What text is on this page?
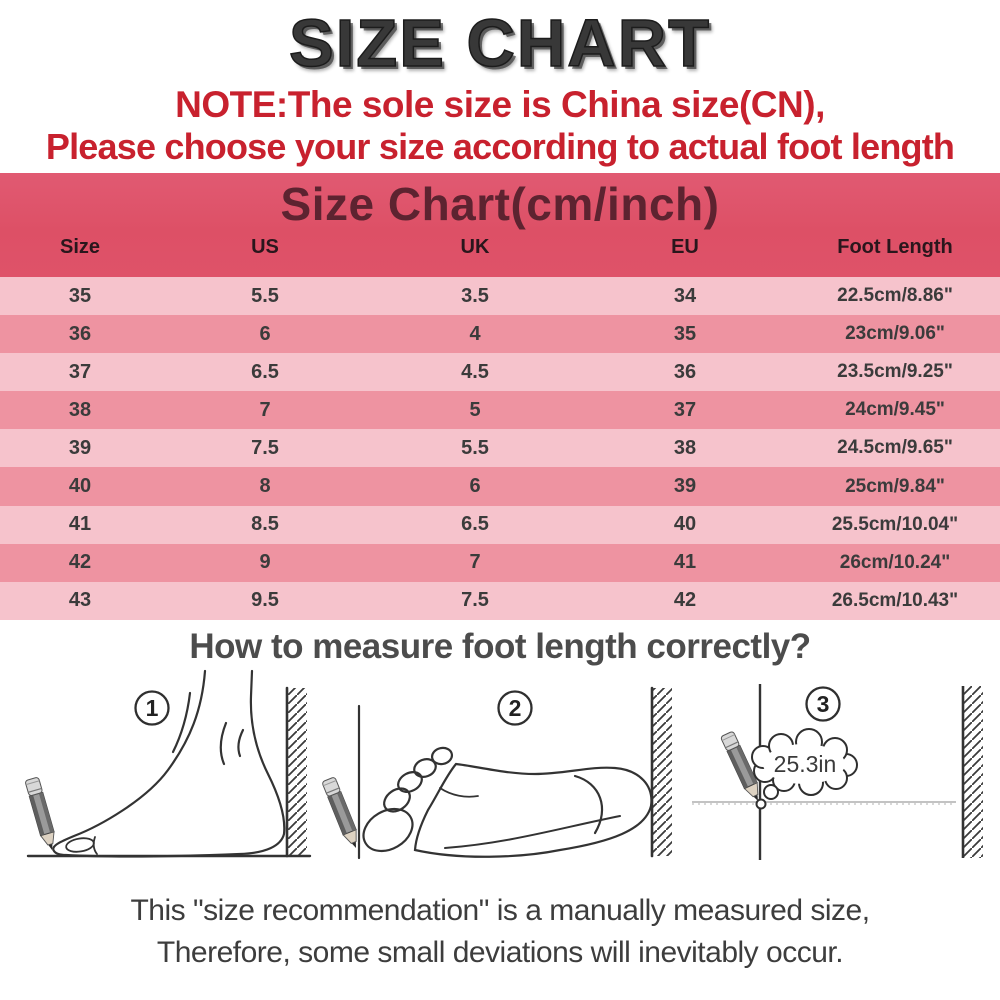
SIZE CHART
NOTE:The sole size is China size(CN),
Please choose your size according to actual foot length
Size Chart(cm/inch)
Size	US	UK	EU	Foot Length
35	5.5	3.5	34	22.5cm/8.86"
36	6	4	35	23cm/9.06"
37	6.5	4.5	36	23.5cm/9.25"
38	7	5	37	24cm/9.45"
39	7.5	5.5	38	24.5cm/9.65"
40	8	6	39	25cm/9.84"
41	8.5	6.5	40	25.5cm/10.04"
42	9	7	41	26cm/10.24"
43	9.5	7.5	42	26.5cm/10.43"
How to measure foot length correctly?
1	2
25.3in
3
This "size recommendation" is a manually measured size,
Therefore, some small deviations will inevitably occur.
